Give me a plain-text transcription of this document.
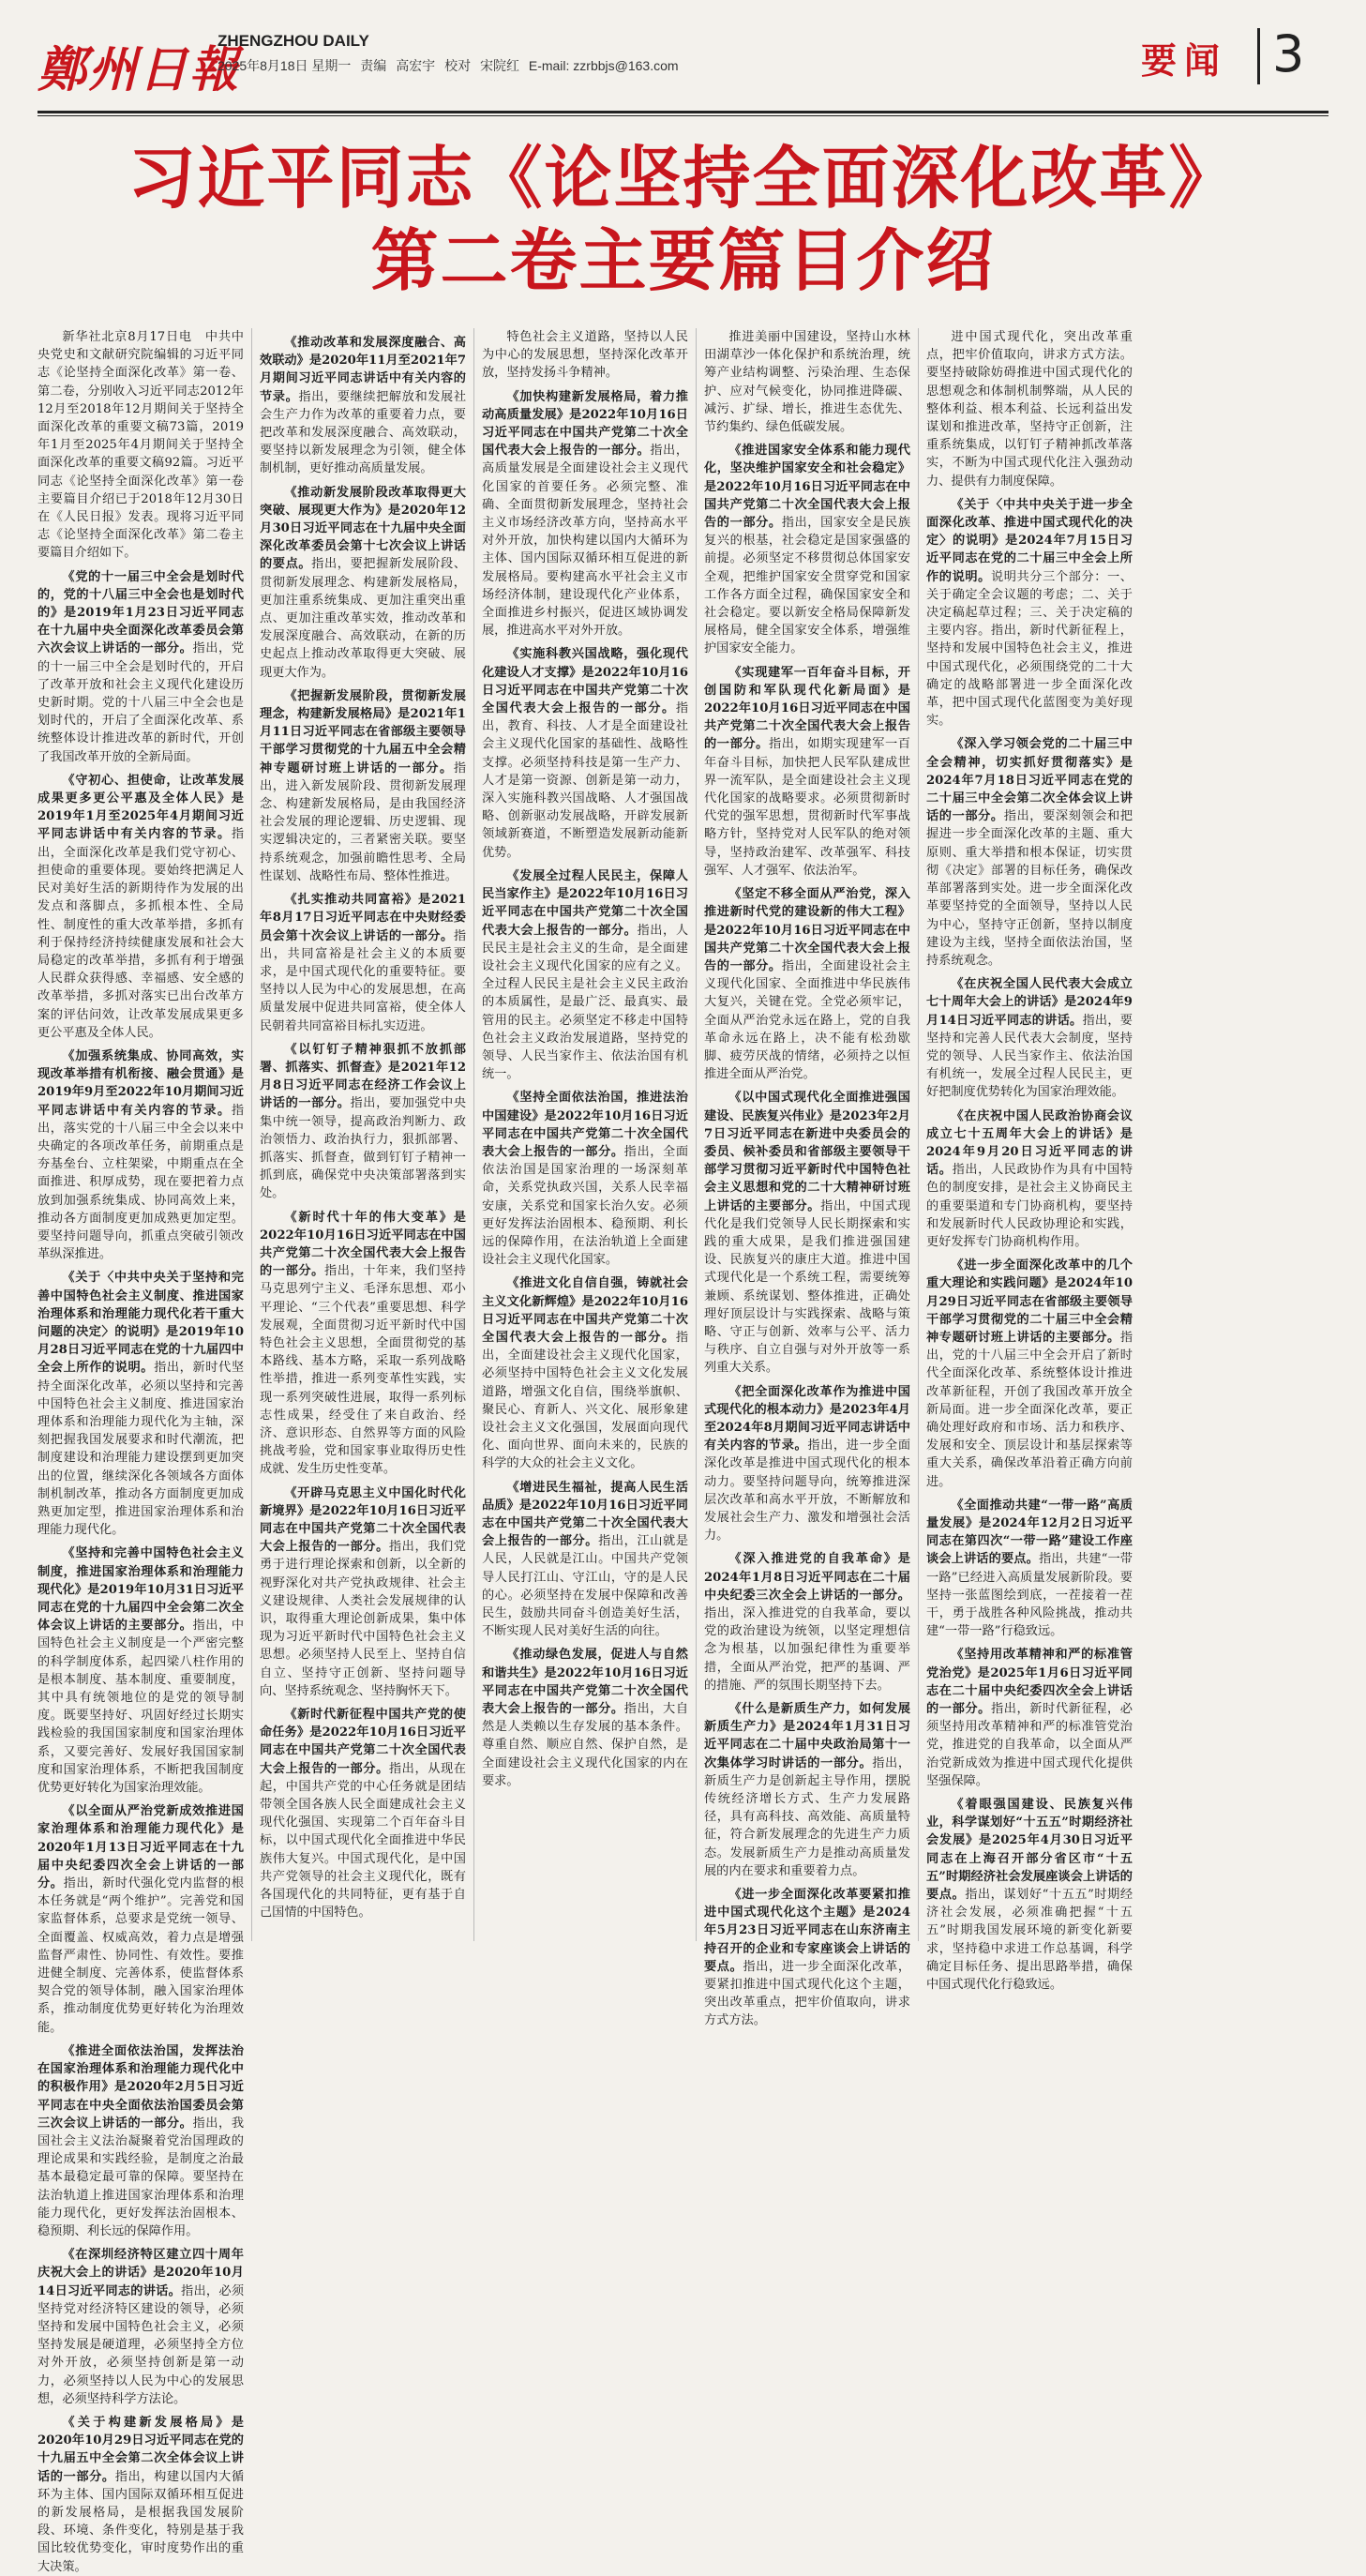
鄭州日報
ZHENGZHOU DAILY
2025年8月18日 星期一 责编 高宏宇 校对 宋院红 E-mail: zzrbbjs@163.com	要闻 3
习近平同志《论坚持全面深化改革》
第二卷主要篇目介绍

新华社北京8月17日电　中共中央党史和文献研究院编辑的习近平同志《论坚持全面深化改革》第一卷、第二卷，分别收入习近平同志2012年12月至2018年12月期间关于坚持全面深化改革的重要文稿73篇，2019年1月至2025年4月期间关于坚持全面深化改革的重要文稿92篇。习近平同志《论坚持全面深化改革》第一卷主要篇目介绍已于2018年12月30日在《人民日报》发表。现将习近平同志《论坚持全面深化改革》第二卷主要篇目介绍如下。

《党的十一届三中全会是划时代的，党的十八届三中全会也是划时代的》是2019年1月23日习近平同志在十九届中央全面深化改革委员会第六次会议上讲话的一部分。指出，党的十一届三中全会是划时代的，开启了改革开放和社会主义现代化建设历史新时期。党的十八届三中全会也是划时代的，开启了全面深化改革、系统整体设计推进改革的新时代，开创了我国改革开放的全新局面。

《守初心、担使命，让改革发展成果更多更公平惠及全体人民》是2019年1月至2025年4月期间习近平同志讲话中有关内容的节录。指出，全面深化改革是我们党守初心、担使命的重要体现。要始终把满足人民对美好生活的新期待作为发展的出发点和落脚点，多抓根本性、全局性、制度性的重大改革举措，多抓有利于保持经济持续健康发展和社会大局稳定的改革举措，多抓有利于增强人民群众获得感、幸福感、安全感的改革举措，多抓对落实已出台改革方案的评估问效，让改革发展成果更多更公平惠及全体人民。

《加强系统集成、协同高效，实现改革举措有机衔接、融会贯通》是2019年9月至2022年10月期间习近平同志讲话中有关内容的节录。指出，落实党的十八届三中全会以来中央确定的各项改革任务，前期重点是夯基垒台、立柱架梁，中期重点在全面推进、积厚成势，现在要把着力点放到加强系统集成、协同高效上来，推动各方面制度更加成熟更加定型。要坚持问题导向，抓重点突破引领改革纵深推进。

《关于〈中共中央关于坚持和完善中国特色社会主义制度、推进国家治理体系和治理能力现代化若干重大问题的决定〉的说明》是2019年10月28日习近平同志在党的十九届四中全会上所作的说明。指出，新时代坚持全面深化改革，必须以坚持和完善中国特色社会主义制度、推进国家治理体系和治理能力现代化为主轴，深刻把握我国发展要求和时代潮流，把制度建设和治理能力建设摆到更加突出的位置，继续深化各领域各方面体制机制改革，推动各方面制度更加成熟更加定型，推进国家治理体系和治理能力现代化。

《坚持和完善中国特色社会主义制度，推进国家治理体系和治理能力现代化》是2019年10月31日习近平同志在党的十九届四中全会第二次全体会议上讲话的主要部分。指出，中国特色社会主义制度是一个严密完整的科学制度体系，起四梁八柱作用的是根本制度、基本制度、重要制度，其中具有统领地位的是党的领导制度。既要坚持好、巩固好经过长期实践检验的我国国家制度和国家治理体系，又要完善好、发展好我国国家制度和国家治理体系，不断把我国制度优势更好转化为国家治理效能。

《以全面从严治党新成效推进国家治理体系和治理能力现代化》是2020年1月13日习近平同志在十九届中央纪委四次全会上讲话的一部分。指出，新时代强化党内监督的根本任务就是“两个维护”。完善党和国家监督体系，总要求是党统一领导、全面覆盖、权威高效，着力点是增强监督严肃性、协同性、有效性。要推进健全制度、完善体系，使监督体系契合党的领导体制，融入国家治理体系，推动制度优势更好转化为治理效能。

《推进全面依法治国，发挥法治在国家治理体系和治理能力现代化中的积极作用》是2020年2月5日习近平同志在中央全面依法治国委员会第三次会议上讲话的一部分。指出，我国社会主义法治凝聚着党治国理政的理论成果和实践经验，是制度之治最基本最稳定最可靠的保障。要坚持在法治轨道上推进国家治理体系和治理能力现代化，更好发挥法治固根本、稳预期、利长远的保障作用。

《在深圳经济特区建立四十周年庆祝大会上的讲话》是2020年10月14日习近平同志的讲话。指出，必须坚持党对经济特区建设的领导，必须坚持和发展中国特色社会主义，必须坚持发展是硬道理，必须坚持全方位对外开放，必须坚持创新是第一动力，必须坚持以人民为中心的发展思想，必须坚持科学方法论。

《关于构建新发展格局》是2020年10月29日习近平同志在党的十九届五中全会第二次全体会议上讲话的一部分。指出，构建以国内大循环为主体、国内国际双循环相互促进的新发展格局，是根据我国发展阶段、环境、条件变化，特别是基于我国比较优势变化，审时度势作出的重大决策。

《推动改革和发展深度融合、高效联动》是2020年11月至2021年7月期间习近平同志讲话中有关内容的节录。指出，要继续把解放和发展社会生产力作为改革的重要着力点，要把改革和发展深度融合、高效联动，要坚持以新发展理念为引领，健全体制机制，更好推动高质量发展。

《推动新发展阶段改革取得更大突破、展现更大作为》是2020年12月30日习近平同志在十九届中央全面深化改革委员会第十七次会议上讲话的要点。指出，要把握新发展阶段、贯彻新发展理念、构建新发展格局，更加注重系统集成、更加注重突出重点、更加注重改革实效，推动改革和发展深度融合、高效联动，在新的历史起点上推动改革取得更大突破、展现更大作为。

《把握新发展阶段，贯彻新发展理念，构建新发展格局》是2021年1月11日习近平同志在省部级主要领导干部学习贯彻党的十九届五中全会精神专题研讨班上讲话的一部分。指出，进入新发展阶段、贯彻新发展理念、构建新发展格局，是由我国经济社会发展的理论逻辑、历史逻辑、现实逻辑决定的，三者紧密关联。要坚持系统观念，加强前瞻性思考、全局性谋划、战略性布局、整体性推进。

《扎实推动共同富裕》是2021年8月17日习近平同志在中央财经委员会第十次会议上讲话的一部分。指出，共同富裕是社会主义的本质要求，是中国式现代化的重要特征。要坚持以人民为中心的发展思想，在高质量发展中促进共同富裕，使全体人民朝着共同富裕目标扎实迈进。

《以钉钉子精神狠抓不放抓部署、抓落实、抓督查》是2021年12月8日习近平同志在经济工作会议上讲话的一部分。指出，要加强党中央集中统一领导，提高政治判断力、政治领悟力、政治执行力，狠抓部署、抓落实、抓督查，做到钉钉子精神一抓到底，确保党中央决策部署落到实处。

《新时代十年的伟大变革》是2022年10月16日习近平同志在中国共产党第二十次全国代表大会上报告的一部分。指出，十年来，我们坚持马克思列宁主义、毛泽东思想、邓小平理论、“三个代表”重要思想、科学发展观，全面贯彻习近平新时代中国特色社会主义思想，全面贯彻党的基本路线、基本方略，采取一系列战略性举措，推进一系列变革性实践，实现一系列突破性进展，取得一系列标志性成果，经受住了来自政治、经济、意识形态、自然界等方面的风险挑战考验，党和国家事业取得历史性成就、发生历史性变革。

《开辟马克思主义中国化时代化新境界》是2022年10月16日习近平同志在中国共产党第二十次全国代表大会上报告的一部分。指出，我们党勇于进行理论探索和创新，以全新的视野深化对共产党执政规律、社会主义建设规律、人类社会发展规律的认识，取得重大理论创新成果，集中体现为习近平新时代中国特色社会主义思想。必须坚持人民至上、坚持自信自立、坚持守正创新、坚持问题导向、坚持系统观念、坚持胸怀天下。

《新时代新征程中国共产党的使命任务》是2022年10月16日习近平同志在中国共产党第二十次全国代表大会上报告的一部分。指出，从现在起，中国共产党的中心任务就是团结带领全国各族人民全面建成社会主义现代化强国、实现第二个百年奋斗目标，以中国式现代化全面推进中华民族伟大复兴。中国式现代化，是中国共产党领导的社会主义现代化，既有各国现代化的共同特征，更有基于自己国情的中国特色。

特色社会主义道路，坚持以人民为中心的发展思想，坚持深化改革开放，坚持发扬斗争精神。

《加快构建新发展格局，着力推动高质量发展》是2022年10月16日习近平同志在中国共产党第二十次全国代表大会上报告的一部分。指出，高质量发展是全面建设社会主义现代化国家的首要任务。必须完整、准确、全面贯彻新发展理念，坚持社会主义市场经济改革方向，坚持高水平对外开放，加快构建以国内大循环为主体、国内国际双循环相互促进的新发展格局。要构建高水平社会主义市场经济体制，建设现代化产业体系，全面推进乡村振兴，促进区域协调发展，推进高水平对外开放。

《实施科教兴国战略，强化现代化建设人才支撑》是2022年10月16日习近平同志在中国共产党第二十次全国代表大会上报告的一部分。指出，教育、科技、人才是全面建设社会主义现代化国家的基础性、战略性支撑。必须坚持科技是第一生产力、人才是第一资源、创新是第一动力，深入实施科教兴国战略、人才强国战略、创新驱动发展战略，开辟发展新领域新赛道，不断塑造发展新动能新优势。

《发展全过程人民民主，保障人民当家作主》是2022年10月16日习近平同志在中国共产党第二十次全国代表大会上报告的一部分。指出，人民民主是社会主义的生命，是全面建设社会主义现代化国家的应有之义。全过程人民民主是社会主义民主政治的本质属性，是最广泛、最真实、最管用的民主。必须坚定不移走中国特色社会主义政治发展道路，坚持党的领导、人民当家作主、依法治国有机统一。

《坚持全面依法治国，推进法治中国建设》是2022年10月16日习近平同志在中国共产党第二十次全国代表大会上报告的一部分。指出，全面依法治国是国家治理的一场深刻革命，关系党执政兴国，关系人民幸福安康，关系党和国家长治久安。必须更好发挥法治固根本、稳预期、利长远的保障作用，在法治轨道上全面建设社会主义现代化国家。

《推进文化自信自强，铸就社会主义文化新辉煌》是2022年10月16日习近平同志在中国共产党第二十次全国代表大会上报告的一部分。指出，全面建设社会主义现代化国家，必须坚持中国特色社会主义文化发展道路，增强文化自信，围绕举旗帜、聚民心、育新人、兴文化、展形象建设社会主义文化强国，发展面向现代化、面向世界、面向未来的，民族的科学的大众的社会主义文化。

《增进民生福祉，提高人民生活品质》是2022年10月16日习近平同志在中国共产党第二十次全国代表大会上报告的一部分。指出，江山就是人民，人民就是江山。中国共产党领导人民打江山、守江山，守的是人民的心。必须坚持在发展中保障和改善民生，鼓励共同奋斗创造美好生活，不断实现人民对美好生活的向往。

《推动绿色发展，促进人与自然和谐共生》是2022年10月16日习近平同志在中国共产党第二十次全国代表大会上报告的一部分。指出，大自然是人类赖以生存发展的基本条件。尊重自然、顺应自然、保护自然，是全面建设社会主义现代化国家的内在要求。

推进美丽中国建设，坚持山水林田湖草沙一体化保护和系统治理，统筹产业结构调整、污染治理、生态保护、应对气候变化，协同推进降碳、减污、扩绿、增长，推进生态优先、节约集约、绿色低碳发展。

《推进国家安全体系和能力现代化，坚决维护国家安全和社会稳定》是2022年10月16日习近平同志在中国共产党第二十次全国代表大会上报告的一部分。指出，国家安全是民族复兴的根基，社会稳定是国家强盛的前提。必须坚定不移贯彻总体国家安全观，把维护国家安全贯穿党和国家工作各方面全过程，确保国家安全和社会稳定。要以新安全格局保障新发展格局，健全国家安全体系，增强维护国家安全能力。

《实现建军一百年奋斗目标，开创国防和军队现代化新局面》是2022年10月16日习近平同志在中国共产党第二十次全国代表大会上报告的一部分。指出，如期实现建军一百年奋斗目标，加快把人民军队建成世界一流军队，是全面建设社会主义现代化国家的战略要求。必须贯彻新时代党的强军思想，贯彻新时代军事战略方针，坚持党对人民军队的绝对领导，坚持政治建军、改革强军、科技强军、人才强军、依法治军。

《坚定不移全面从严治党，深入推进新时代党的建设新的伟大工程》是2022年10月16日习近平同志在中国共产党第二十次全国代表大会上报告的一部分。指出，全面建设社会主义现代化国家、全面推进中华民族伟大复兴，关键在党。全党必须牢记，全面从严治党永远在路上，党的自我革命永远在路上，决不能有松劲歇脚、疲劳厌战的情绪，必须持之以恒推进全面从严治党。

《以中国式现代化全面推进强国建设、民族复兴伟业》是2023年2月7日习近平同志在新进中央委员会的委员、候补委员和省部级主要领导干部学习贯彻习近平新时代中国特色社会主义思想和党的二十大精神研讨班上讲话的主要部分。指出，中国式现代化是我们党领导人民长期探索和实践的重大成果，是我们推进强国建设、民族复兴的康庄大道。推进中国式现代化是一个系统工程，需要统筹兼顾、系统谋划、整体推进，正确处理好顶层设计与实践探索、战略与策略、守正与创新、效率与公平、活力与秩序、自立自强与对外开放等一系列重大关系。

《把全面深化改革作为推进中国式现代化的根本动力》是2023年4月至2024年8月期间习近平同志讲话中有关内容的节录。指出，进一步全面深化改革是推进中国式现代化的根本动力。要坚持问题导向，统筹推进深层次改革和高水平开放，不断解放和发展社会生产力、激发和增强社会活力。

《深入推进党的自我革命》是2024年1月8日习近平同志在二十届中央纪委三次全会上讲话的一部分。指出，深入推进党的自我革命，要以党的政治建设为统领，以坚定理想信念为根基，以加强纪律性为重要举措，全面从严治党，把严的基调、严的措施、严的氛围长期坚持下去。

《什么是新质生产力，如何发展新质生产力》是2024年1月31日习近平同志在二十届中央政治局第十一次集体学习时讲话的一部分。指出，新质生产力是创新起主导作用，摆脱传统经济增长方式、生产力发展路径，具有高科技、高效能、高质量特征，符合新发展理念的先进生产力质态。发展新质生产力是推动高质量发展的内在要求和重要着力点。

《进一步全面深化改革要紧扣推进中国式现代化这个主题》是2024年5月23日习近平同志在山东济南主持召开的企业和专家座谈会上讲话的要点。指出，进一步全面深化改革，要紧扣推进中国式现代化这个主题，突出改革重点，把牢价值取向，讲求方式方法。

进中国式现代化，突出改革重点，把牢价值取向，讲求方式方法。要坚持破除妨碍推进中国式现代化的思想观念和体制机制弊端，从人民的整体利益、根本利益、长远利益出发谋划和推进改革，坚持守正创新，注重系统集成，以钉钉子精神抓改革落实，不断为中国式现代化注入强劲动力、提供有力制度保障。

《关于〈中共中央关于进一步全面深化改革、推进中国式现代化的决定〉的说明》是2024年7月15日习近平同志在党的二十届三中全会上所作的说明。说明共分三个部分：一、关于确定全会议题的考虑；二、关于决定稿起草过程；三、关于决定稿的主要内容。指出，新时代新征程上，坚持和发展中国特色社会主义，推进中国式现代化，必须围绕党的二十大确定的战略部署进一步全面深化改革，把中国式现代化蓝图变为美好现实。

《深入学习领会党的二十届三中全会精神，切实抓好贯彻落实》是2024年7月18日习近平同志在党的二十届三中全会第二次全体会议上讲话的一部分。指出，要深刻领会和把握进一步全面深化改革的主题、重大原则、重大举措和根本保证，切实贯彻《决定》部署的目标任务，确保改革部署落到实处。进一步全面深化改革要坚持党的全面领导，坚持以人民为中心，坚持守正创新，坚持以制度建设为主线，坚持全面依法治国，坚持系统观念。

《在庆祝全国人民代表大会成立七十周年大会上的讲话》是2024年9月14日习近平同志的讲话。指出，要坚持和完善人民代表大会制度，坚持党的领导、人民当家作主、依法治国有机统一，发展全过程人民民主，更好把制度优势转化为国家治理效能。

《在庆祝中国人民政治协商会议成立七十五周年大会上的讲话》是2024年9月20日习近平同志的讲话。指出，人民政协作为具有中国特色的制度安排，是社会主义协商民主的重要渠道和专门协商机构，要坚持和发展新时代人民政协理论和实践，更好发挥专门协商机构作用。

《进一步全面深化改革中的几个重大理论和实践问题》是2024年10月29日习近平同志在省部级主要领导干部学习贯彻党的二十届三中全会精神专题研讨班上讲话的主要部分。指出，党的十八届三中全会开启了新时代全面深化改革、系统整体设计推进改革新征程，开创了我国改革开放全新局面。进一步全面深化改革，要正确处理好政府和市场、活力和秩序、发展和安全、顶层设计和基层探索等重大关系，确保改革沿着正确方向前进。

《全面推动共建“一带一路”高质量发展》是2024年12月2日习近平同志在第四次“一带一路”建设工作座谈会上讲话的要点。指出，共建“一带一路”已经进入高质量发展新阶段。要坚持一张蓝图绘到底，一茬接着一茬干，勇于战胜各种风险挑战，推动共建“一带一路”行稳致远。

《坚持用改革精神和严的标准管党治党》是2025年1月6日习近平同志在二十届中央纪委四次全会上讲话的一部分。指出，新时代新征程，必须坚持用改革精神和严的标准管党治党，推进党的自我革命，以全面从严治党新成效为推进中国式现代化提供坚强保障。

《着眼强国建设、民族复兴伟业，科学谋划好“十五五”时期经济社会发展》是2025年4月30日习近平同志在上海召开部分省区市“十五五”时期经济社会发展座谈会上讲话的要点。指出，谋划好“十五五”时期经济社会发展，必须准确把握“十五五”时期我国发展环境的新变化新要求，坚持稳中求进工作总基调，科学确定目标任务、提出思路举措，确保中国式现代化行稳致远。
